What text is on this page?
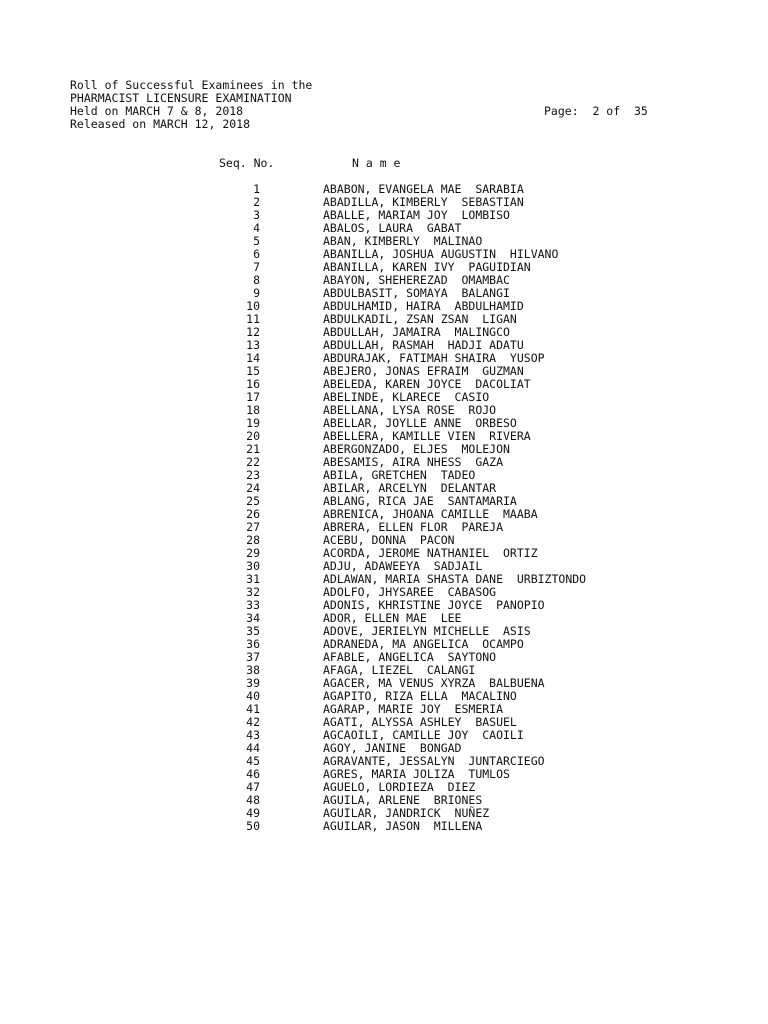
Roll of Successful Examinees in the
PHARMACIST LICENSURE EXAMINATION
Held on MARCH 7 & 8, 2018
Released on MARCH 12, 2018
Page:  2 of  35
Seq. No.	N a m e
1	ABABON, EVANGELA MAE  SARABIA
2	ABADILLA, KIMBERLY  SEBASTIAN
3	ABALLE, MARIAM JOY  LOMBISO
4	ABALOS, LAURA  GABAT
5	ABAN, KIMBERLY  MALINAO
6	ABANILLA, JOSHUA AUGUSTIN  HILVANO
7	ABANILLA, KAREN IVY  PAGUIDIAN
8	ABAYON, SHEHEREZAD  OMAMBAC
9	ABDULBASIT, SOMAYA  BALANGI
10	ABDULHAMID, HAIRA  ABDULHAMID
11	ABDULKADIL, ZSAN ZSAN  LIGAN
12	ABDULLAH, JAMAIRA  MALINGCO
13	ABDULLAH, RASMAH  HADJI ADATU
14	ABDURAJAK, FATIMAH SHAIRA  YUSOP
15	ABEJERO, JONAS EFRAIM  GUZMAN
16	ABELEDA, KAREN JOYCE  DACOLIAT
17	ABELINDE, KLARECE  CASIO
18	ABELLANA, LYSA ROSE  ROJO
19	ABELLAR, JOYLLE ANNE  ORBESO
20	ABELLERA, KAMILLE VIEN  RIVERA
21	ABERGONZADO, ELJES  MOLEJON
22	ABESAMIS, AIRA NHESS  GAZA
23	ABILA, GRETCHEN  TADEO
24	ABILAR, ARCELYN  DELANTAR
25	ABLANG, RICA JAE  SANTAMARIA
26	ABRENICA, JHOANA CAMILLE  MAABA
27	ABRERA, ELLEN FLOR  PAREJA
28	ACEBU, DONNA  PACON
29	ACORDA, JEROME NATHANIEL  ORTIZ
30	ADJU, ADAWEEYA  SADJAIL
31	ADLAWAN, MARIA SHASTA DANE  URBIZTONDO
32	ADOLFO, JHYSAREE  CABASOG
33	ADONIS, KHRISTINE JOYCE  PANOPIO
34	ADOR, ELLEN MAE  LEE
35	ADOVE, JERIELYN MICHELLE  ASIS
36	ADRANEDA, MA ANGELICA  OCAMPO
37	AFABLE, ANGELICA  SAYTONO
38	AFAGA, LIEZEL  CALANGI
39	AGACER, MA VENUS XYRZA  BALBUENA
40	AGAPITO, RIZA ELLA  MACALINO
41	AGARAP, MARIE JOY  ESMERIA
42	AGATI, ALYSSA ASHLEY  BASUEL
43	AGCAOILI, CAMILLE JOY  CAOILI
44	AGOY, JANINE  BONGAD
45	AGRAVANTE, JESSALYN  JUNTARCIEGO
46	AGRES, MARIA JOLIZA  TUMLOS
47	AGUELO, LORDIEZA  DIEZ
48	AGUILA, ARLENE  BRIONES
49	AGUILAR, JANDRICK  NUÑEZ
50	AGUILAR, JASON  MILLENA
